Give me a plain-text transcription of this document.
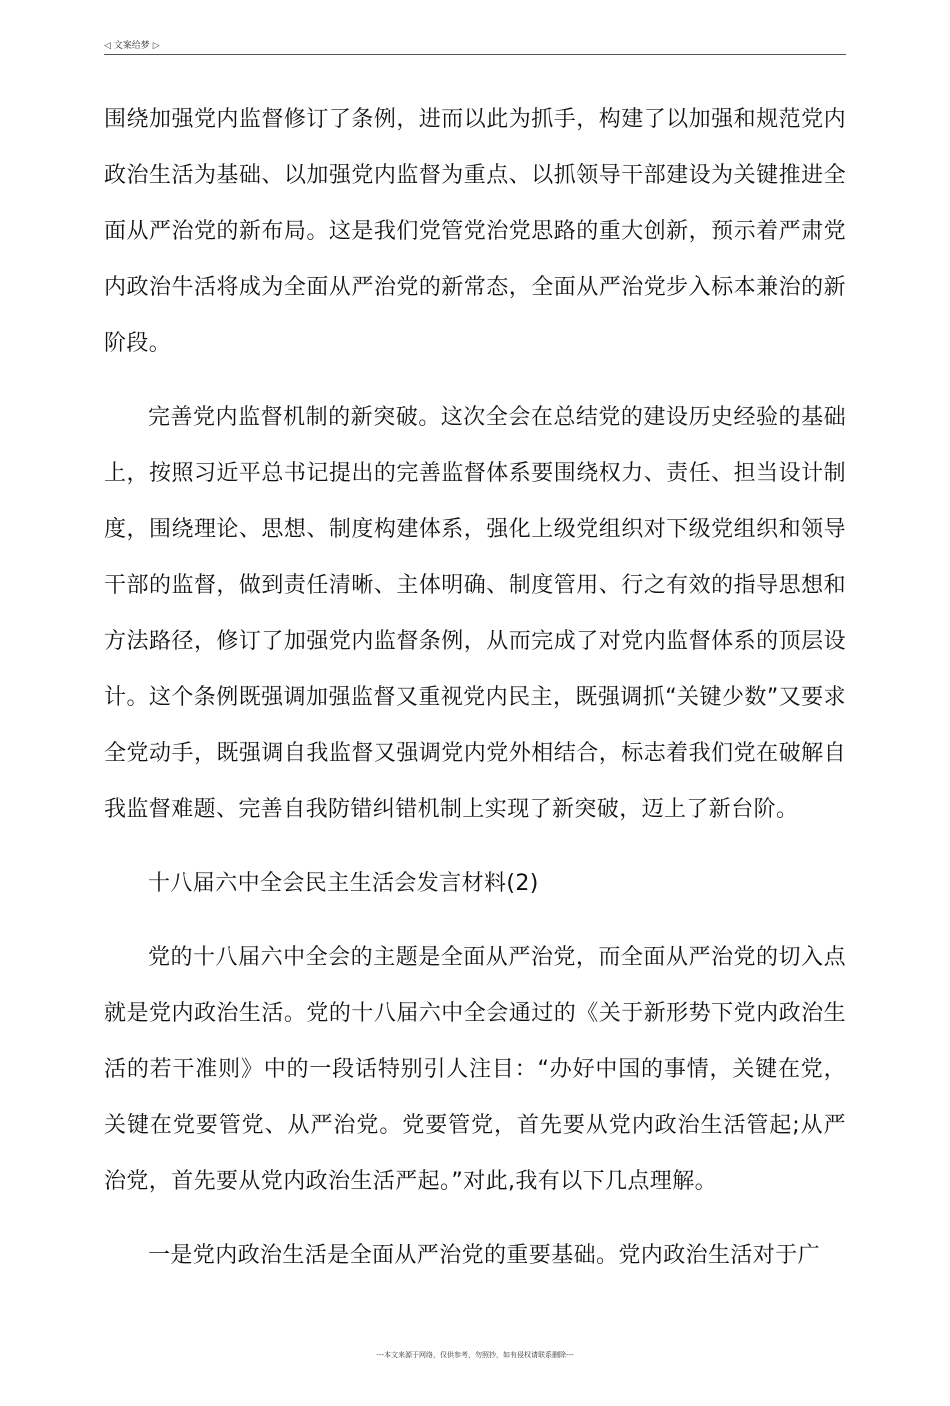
◁ 文案给梦 ▷

围绕加强党内监督修订了条例，进而以此为抓手，构建了以加强和规范党内政治生活为基础、以加强党内监督为重点、以抓领导干部建设为关键推进全面从严治党的新布局。这是我们党管党治党思路的重大创新，预示着严肃党内政治牛活将成为全面从严治党的新常态，全面从严治党步入标本兼治的新阶段。

完善党内监督机制的新突破。这次全会在总结党的建设历史经验的基础上，按照习近平总书记提出的完善监督体系要围绕权力、责任、担当设计制度，围绕理论、思想、制度构建体系，强化上级党组织对下级党组织和领导干部的监督，做到责任清晰、主体明确、制度管用、行之有效的指导思想和方法路径，修订了加强党内监督条例，从而完成了对党内监督体系的顶层设计。这个条例既强调加强监督又重视党内民主，既强调抓“关键少数”又要求全党动手，既强调自我监督又强调党内党外相结合，标志着我们党在破解自我监督难题、完善自我防错纠错机制上实现了新突破，迈上了新台阶。

十八届六中全会民主生活会发言材料(2)

党的十八届六中全会的主题是全面从严治党，而全面从严治党的切入点就是党内政治生活。党的十八届六中全会通过的《关于新形势下党内政治生活的若干准则》中的一段话特别引人注目：“办好中国的事情，关键在党，关键在党要管党、从严治党。党要管党，首先要从党内政治生活管起;从严治党，首先要从党内政治生活严起。”对此,我有以下几点理解。

一是党内政治生活是全面从严治党的重要基础。党内政治生活对于广

---本文来源于网络，仅供参考，勿照抄，如有侵权请联系删除---
